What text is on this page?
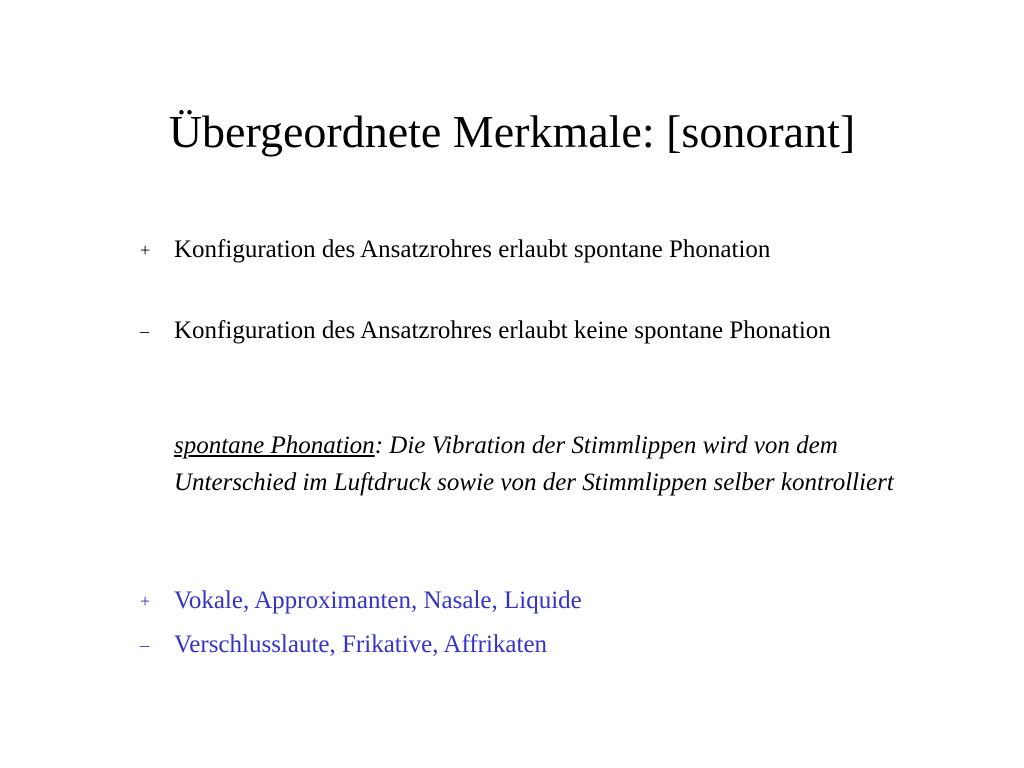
Übergeordnete Merkmale: [sonorant]
+ Konfiguration des Ansatzrohres erlaubt spontane Phonation
–	Konfiguration des Ansatzrohres erlaubt keine spontane Phonation
spontane Phonation: Die Vibration der Stimmlippen wird von dem Unterschied im Luftdruck sowie von der Stimmlippen selber kontrolliert
+ Vokale, Approximanten, Nasale, Liquide
–	Verschlusslaute, Frikative, Affrikaten
